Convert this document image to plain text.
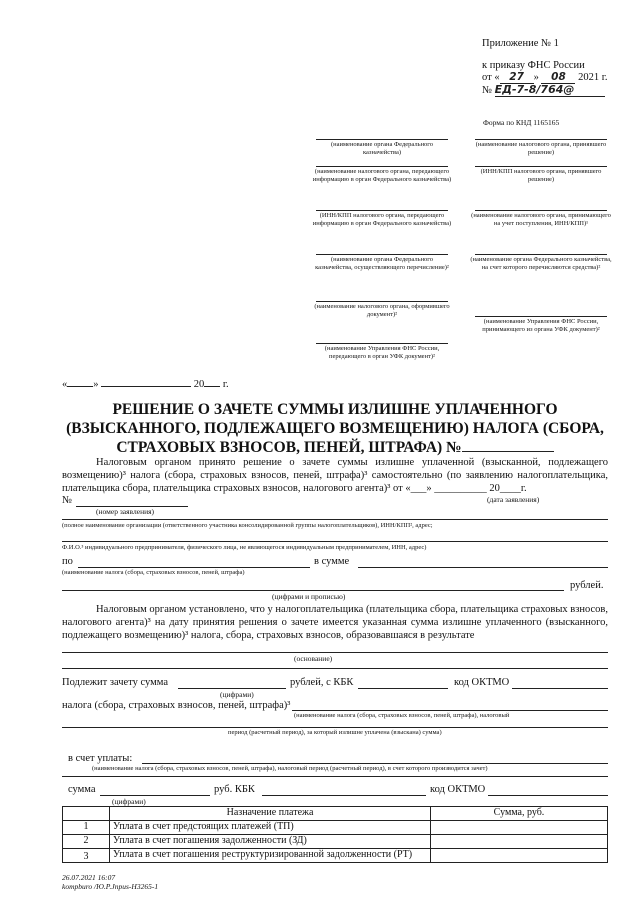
Приложение № 1
к приказу ФНС России
от « 27 » 08 2021 г.
№ ЕД-7-8/764@
Форма по КНД 1165165
(наименование органа Федерального казначейства)
(наименование налогового органа, передающего информацию в орган Федерального казначейства)
(ИНН/КПП налогового органа, передающего информацию в орган Федерального казначейства)
(наименование органа Федерального казначейства, осуществляющего перечисление)²
(наименование налогового органа, оформившего документ)²
(наименование Управления ФНС России, передающего в орган УФК документ)²
(наименование налогового органа, принявшего решение)
(ИНН/КПП налогового органа, принявшего решение)
(наименование налогового органа, принимающего на учет поступления, ИНН/КПП)¹
(наименование органа Федерального казначейства, на счет которого перечисляются средства)²
(наименование Управления ФНС России, принимающего из органа УФК документ)²
« »	20 г.
РЕШЕНИЕ О ЗАЧЕТЕ СУММЫ ИЗЛИШНЕ УПЛАЧЕННОГО (ВЗЫСКАННОГО, ПОДЛЕЖАЩЕГО ВОЗМЕЩЕНИЮ) НАЛОГА (СБОРА, СТРАХОВЫХ ВЗНОСОВ, ПЕНЕЙ, ШТРАФА) №
Налоговым органом принято решение о зачете суммы излишне уплаченной (взысканной, подлежащего возмещению)³ налога (сбора, страховых взносов, пеней, штрафа)³ самостоятельно (по заявлению налогоплательщика, плательщика сбора, плательщика страховых взносов, налогового агента)³ от «___» __________ 20____г.
№	(дата заявления)
(номер заявления)
(полное наименование организации (ответственного участника консолидированной группы налогоплательщиков), ИНН/КПП², адрес;
Ф.И.О.³ индивидуального предпринимателя, физического лица, не являющегося индивидуальным предпринимателем, ИНН, адрес)
по	в сумме
(наименование налога (сбора, страховых взносов, пеней, штрафа)
рублей.
(цифрами и прописью)
Налоговым органом установлено, что у налогоплательщика (плательщика сбора, плательщика страховых взносов, налогового агента)³ на дату принятия решения о зачете имеется указанная сумма излишне уплаченного (взысканного, подлежащего возмещению)³ налога, сбора, страховых взносов, образовавшаяся в результате
(основание)
Подлежит зачету сумма	рублей, с КБК	код ОКТМО
(цифрами)
налога (сбора, страховых взносов, пеней, штрафа)³
(наименование налога (сбора, страховых взносов, пеней, штрафа), налоговый
период (расчетный период), за который излишне уплачена (взыскана) сумма)
в счет уплаты:
(наименование налога (сбора, страховых взносов, пеней, штрафа), налоговый период (расчетный период), в счет которого производится зачет)
сумма	руб. КБК	код ОКТМО
(цифрами)
	Назначение платежа	Сумма, руб.
1	Уплата в счет предстоящих платежей (ТП)	
2	Уплата в счет погашения задолженности (ЗД)	
3	Уплата в счет погашения реструктуризированной задолженности (РТ)	
26.07.2021 16:07
kompburo /Ю.Р.Jnpus-Н3265-1
